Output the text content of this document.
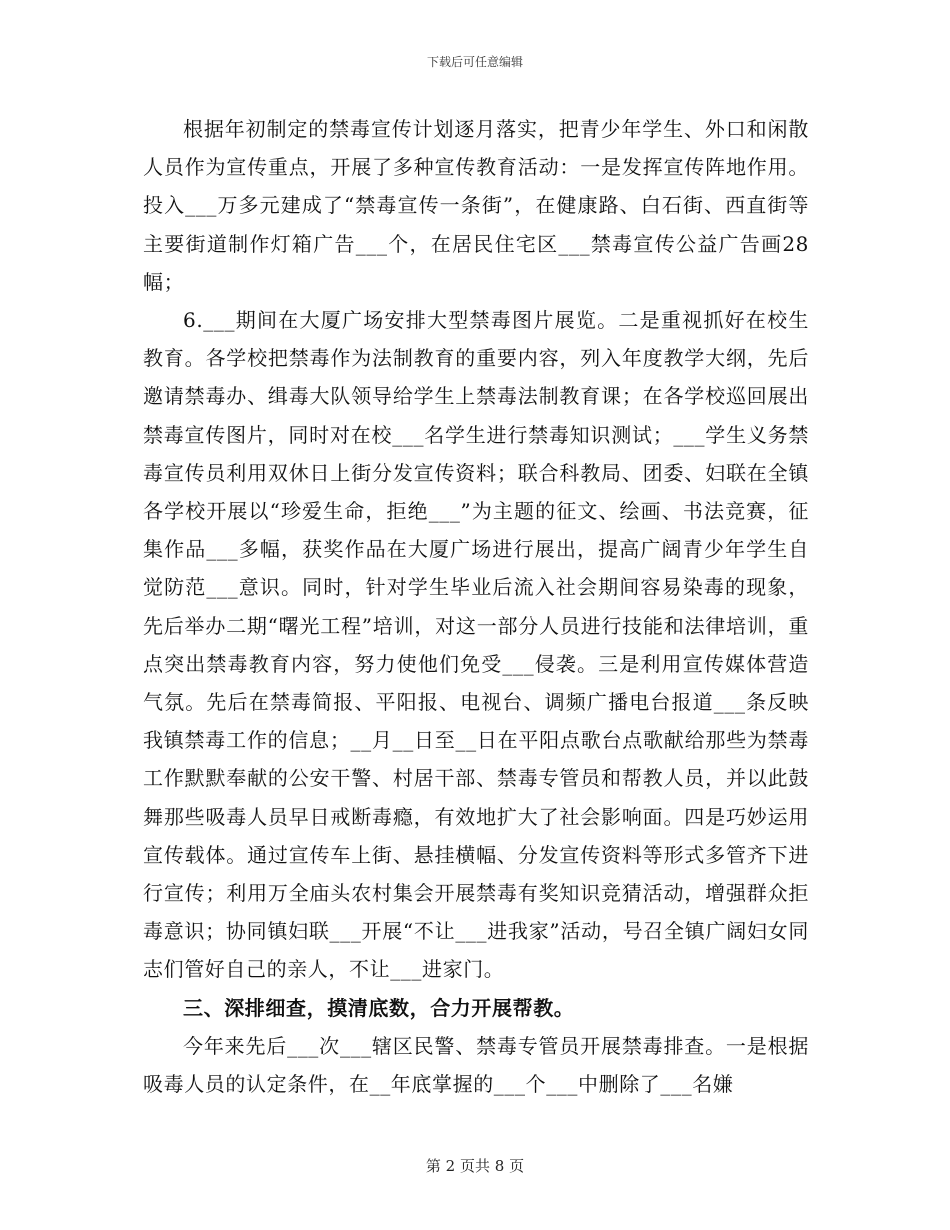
下载后可任意编辑

根据年初制定的禁毒宣传计划逐月落实，把青少年学生、外口和闲散人员作为宣传重点，开展了多种宣传教育活动：一是发挥宣传阵地作用。投入___万多元建成了“禁毒宣传一条街”，在健康路、白石街、西直街等主要街道制作灯箱广告___个，在居民住宅区___禁毒宣传公益广告画28幅；

6.___期间在大厦广场安排大型禁毒图片展览。二是重视抓好在校生教育。各学校把禁毒作为法制教育的重要内容，列入年度教学大纲，先后邀请禁毒办、缉毒大队领导给学生上禁毒法制教育课；在各学校巡回展出禁毒宣传图片，同时对在校___名学生进行禁毒知识测试；___学生义务禁毒宣传员利用双休日上街分发宣传资料；联合科教局、团委、妇联在全镇各学校开展以“珍爱生命，拒绝___”为主题的征文、绘画、书法竞赛，征集作品___多幅，获奖作品在大厦广场进行展出，提高广阔青少年学生自觉防范___意识。同时，针对学生毕业后流入社会期间容易染毒的现象，先后举办二期“曙光工程”培训，对这一部分人员进行技能和法律培训，重点突出禁毒教育内容，努力使他们免受___侵袭。三是利用宣传媒体营造气氛。先后在禁毒简报、平阳报、电视台、调频广播电台报道___条反映我镇禁毒工作的信息；__月__日至__日在平阳点歌台点歌献给那些为禁毒工作默默奉献的公安干警、村居干部、禁毒专管员和帮教人员，并以此鼓舞那些吸毒人员早日戒断毒瘾，有效地扩大了社会影响面。四是巧妙运用宣传载体。通过宣传车上街、悬挂横幅、分发宣传资料等形式多管齐下进行宣传；利用万全庙头农村集会开展禁毒有奖知识竞猜活动，增强群众拒毒意识；协同镇妇联___开展“不让___进我家”活动，号召全镇广阔妇女同志们管好自己的亲人，不让___进家门。

三、深排细查，摸清底数，合力开展帮教。

今年来先后___次___辖区民警、禁毒专管员开展禁毒排查。一是根据吸毒人员的认定条件，在__年底掌握的___个___中删除了___名嫌

第 2 页共 8 页
